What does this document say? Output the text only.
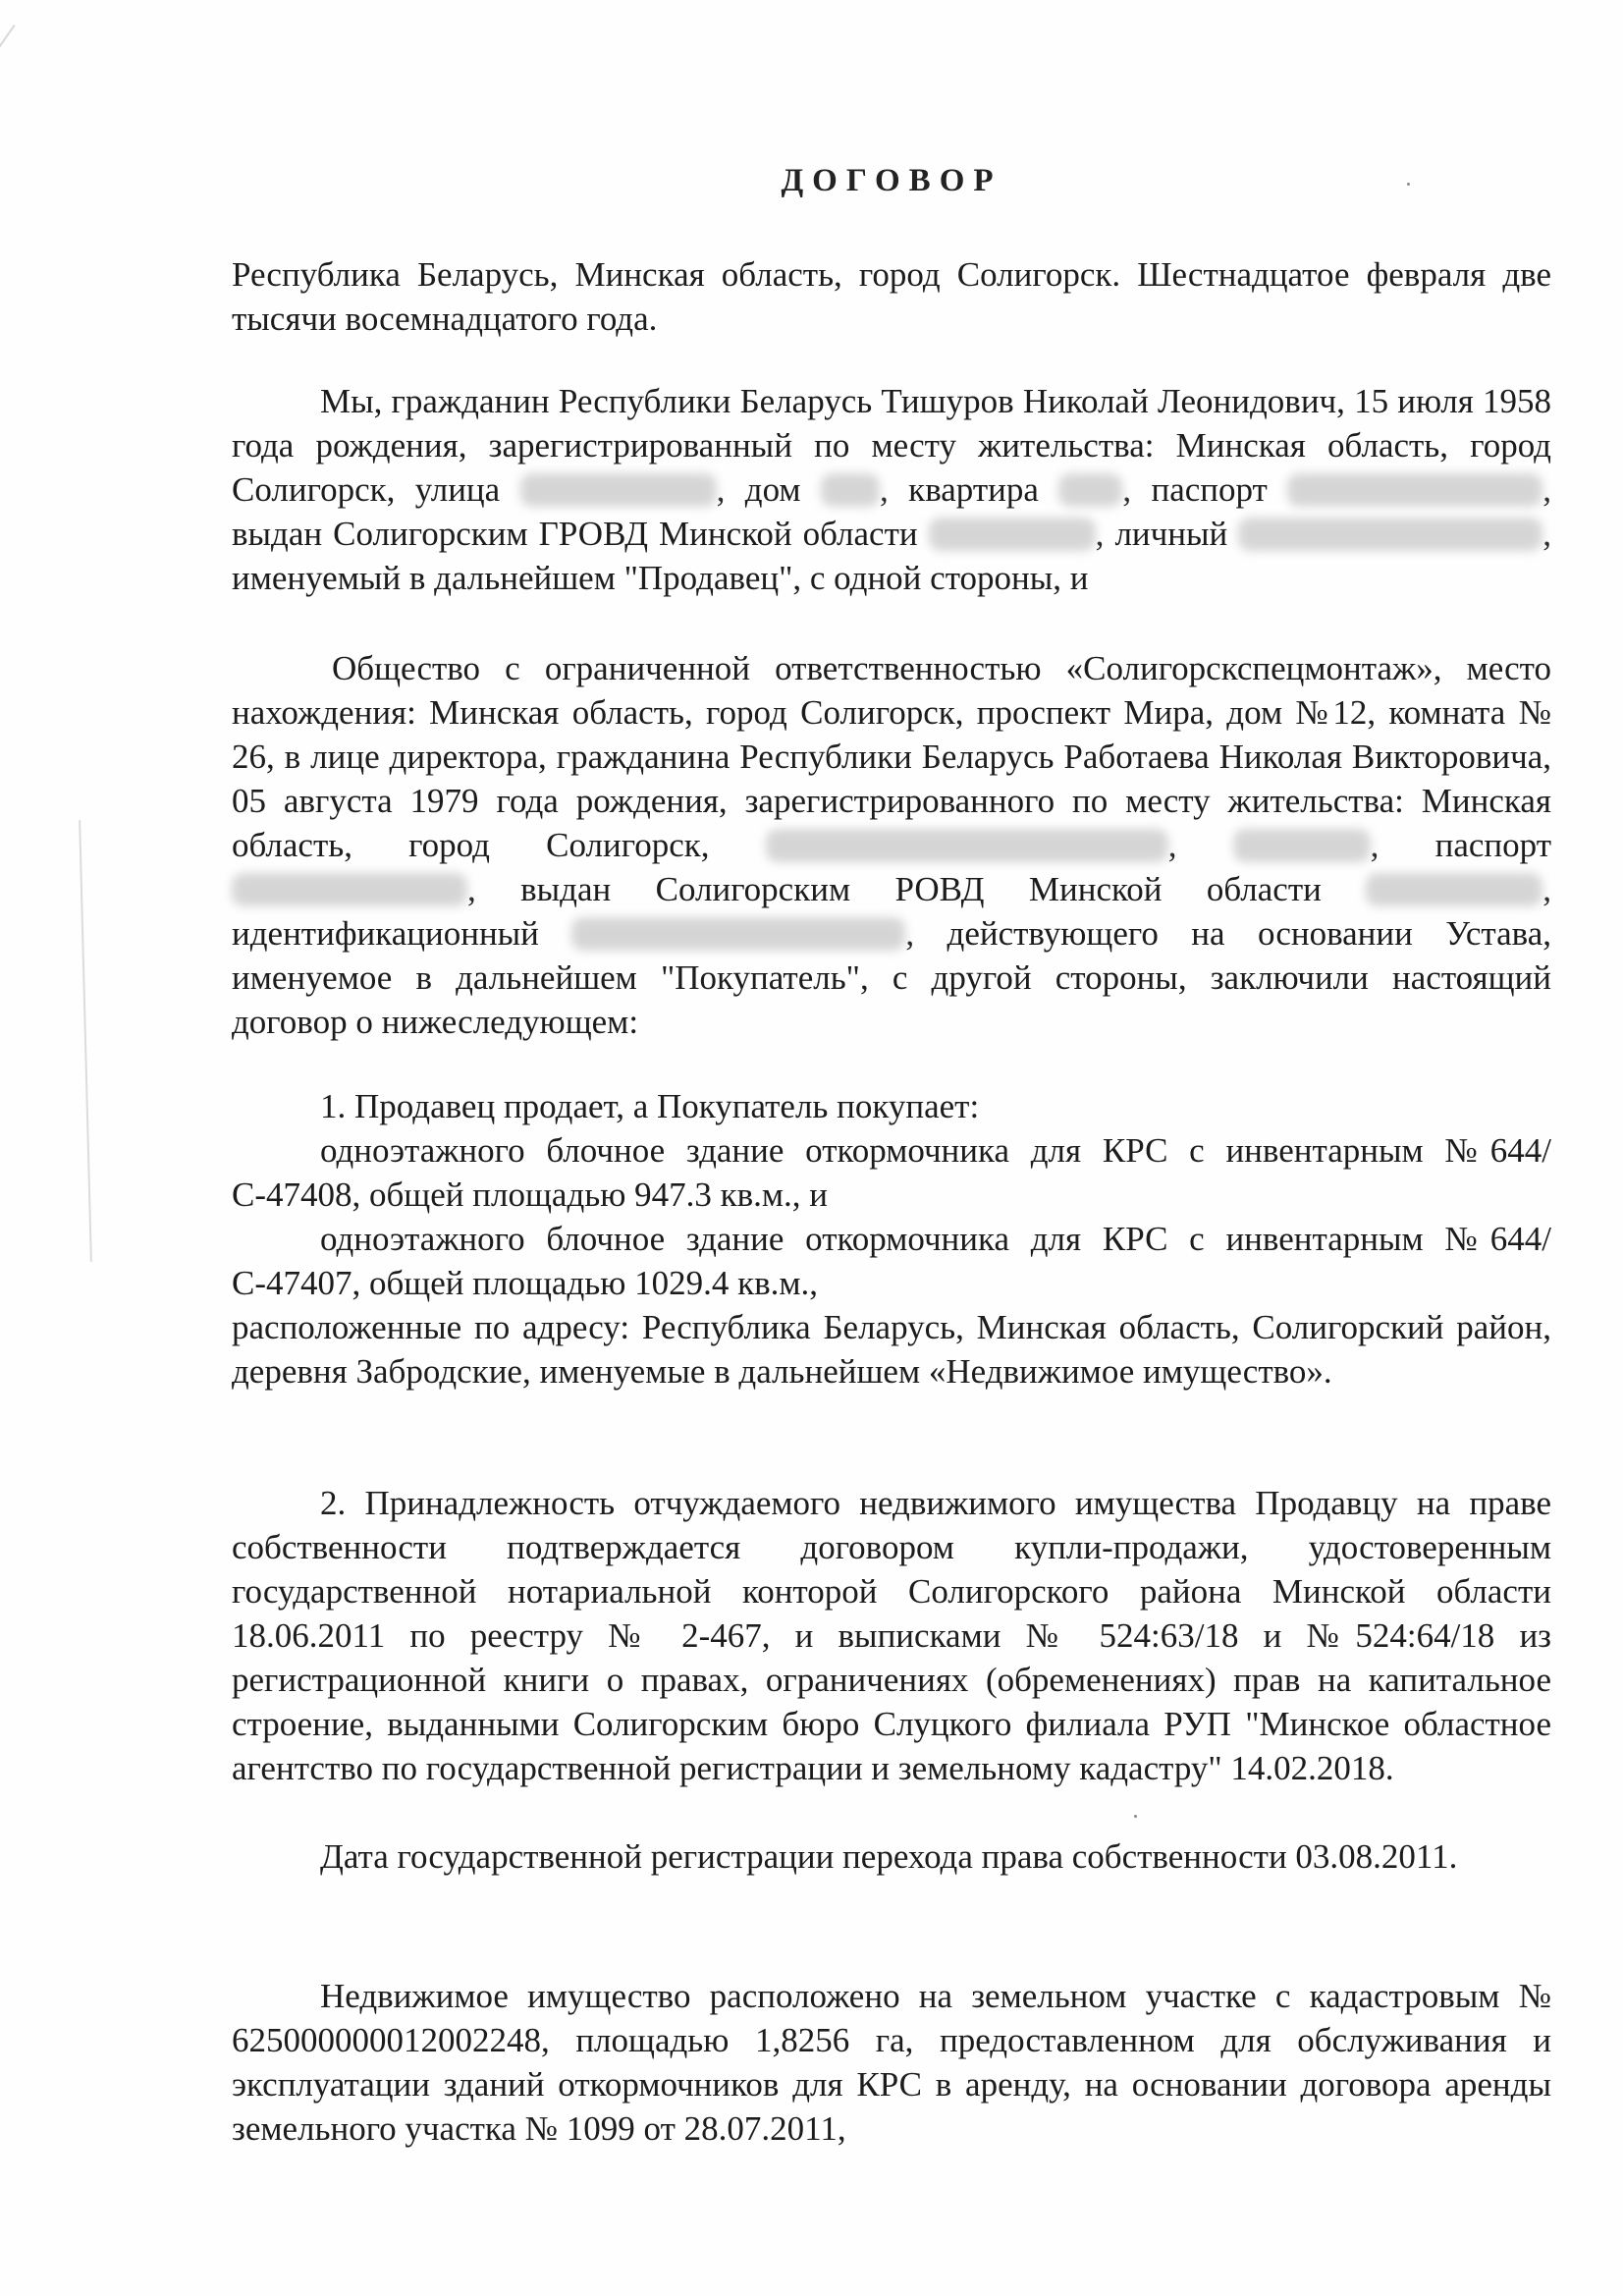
ДОГОВОР

Республика Беларусь, Минская область, город Солигорск. Шестнадцатое февраля две тысячи восемнадцатого года.

Мы, гражданин Республики Беларусь Тишуров Николай Леонидович, 15 июля 1958 года рождения, зарегистрированный по месту жительства: Минская область, город Солигорск, улица	, дом , квартира , паспорт	, выдан Солигорским ГРОВД Минской области	, личный	, именуемый в дальнейшем "Продавец", с одной стороны, и

Общество с ограниченной ответственностью «Солигорскспецмонтаж», место нахождения: Минская область, город Солигорск, проспект Мира, дом №12, комната № 26, в лице директора, гражданина Республики Беларусь Работаева Николая Викторовича, 05 августа 1979 года рождения, зарегистрированного по месту жительства: Минская область, город Солигорск,	,	, паспорт , выдан Солигорским РОВД Минской области	, идентификационный	, действующего на основании Устава, именуемое в дальнейшем "Покупатель", с другой стороны, заключили настоящий договор о нижеследующем:

1. Продавец продает, а Покупатель покупает:

одноэтажного блочное здание откормочника для КРС с инвентарным №644/С-47408, общей площадью 947.3 кв.м., и

одноэтажного блочное здание откормочника для КРС с инвентарным №644/С-47407, общей площадью 1029.4 кв.м.,

расположенные по адресу: Республика Беларусь, Минская область, Солигорский район, деревня Забродские, именуемые в дальнейшем «Недвижимое имущество».

2. Принадлежность отчуждаемого недвижимого имущества Продавцу на праве собственности подтверждается договором купли-продажи, удостоверенным государственной нотариальной конторой Солигорского района Минской области 18.06.2011 по реестру № 2-467, и выписками № 524:63/18 и №524:64/18 из регистрационной книги о правах, ограничениях (обременениях) прав на капитальное строение, выданными Солигорским бюро Слуцкого филиала РУП "Минское областное агентство по государственной регистрации и земельному кадастру" 14.02.2018.

Дата государственной регистрации перехода права собственности 03.08.2011.

Недвижимое имущество расположено на земельном участке с кадастровым № 625000000012002248, площадью 1,8256 га, предоставленном для обслуживания и эксплуатации зданий откормочников для КРС в аренду, на основании договора аренды земельного участка № 1099 от 28.07.2011,
